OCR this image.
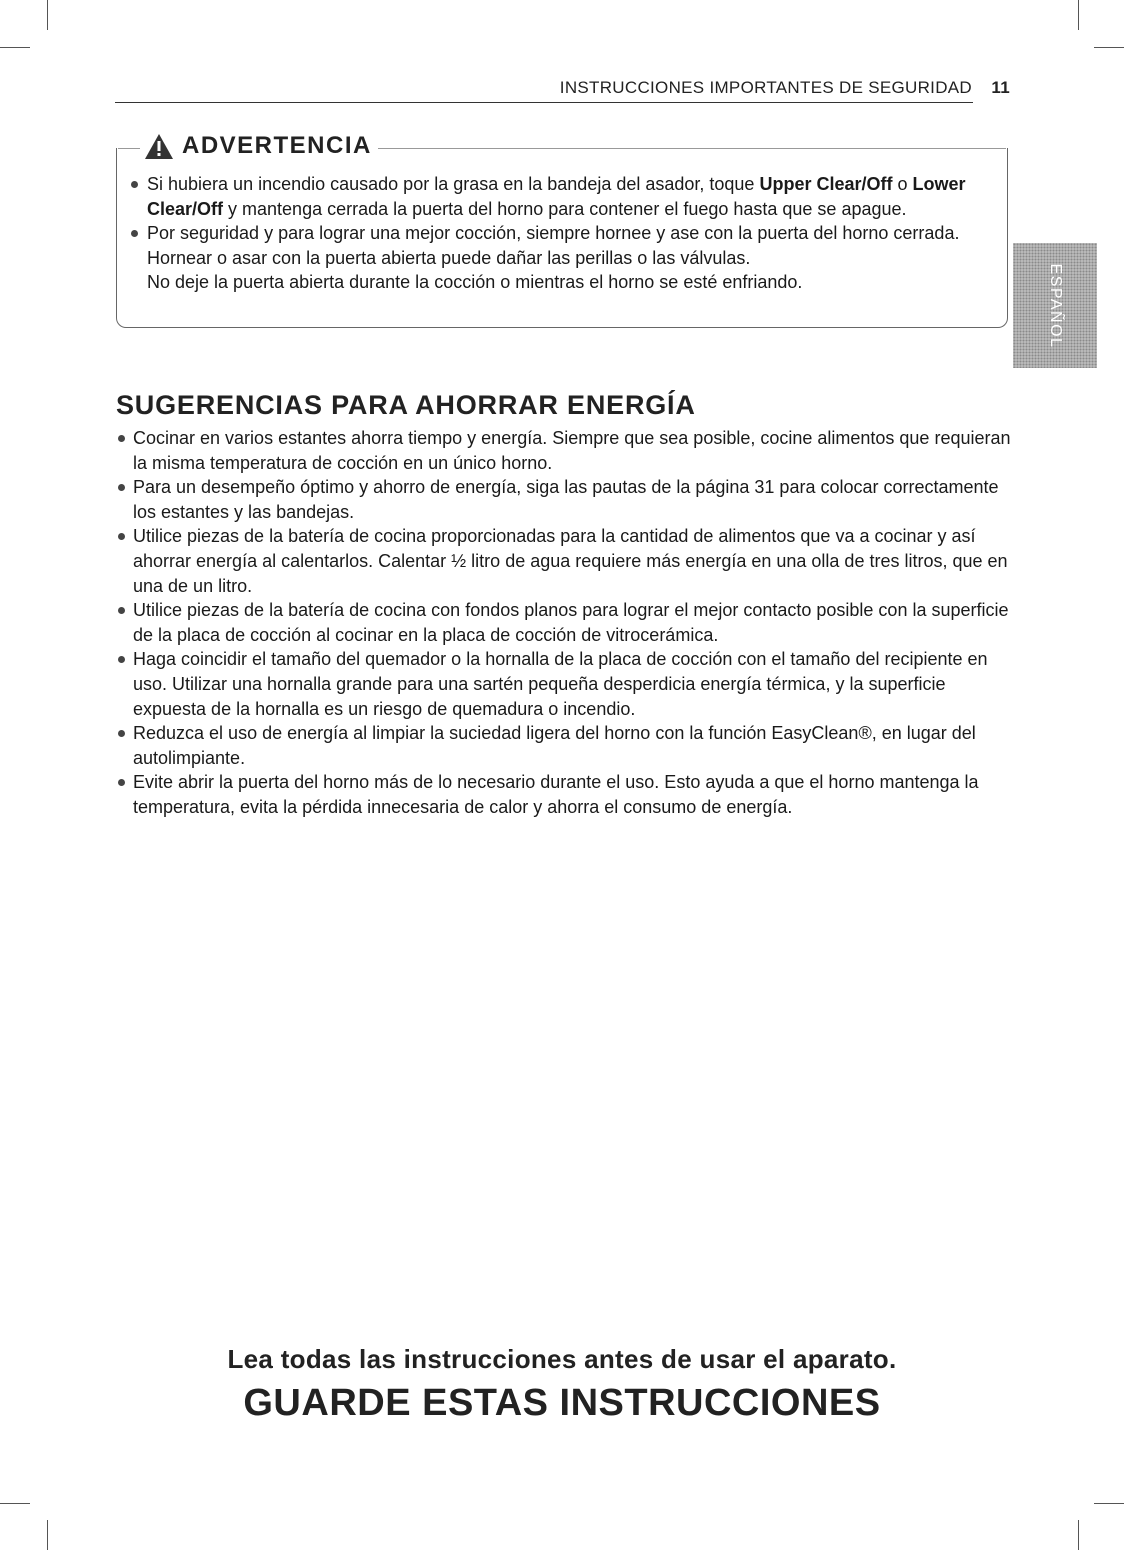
INSTRUCCIONES IMPORTANTES DE SEGURIDAD 11
ESPAÑOL
ADVERTENCIA
Si hubiera un incendio causado por la grasa en la bandeja del asador, toque Upper Clear/Off o Lower Clear/Off y mantenga cerrada la puerta del horno para contener el fuego hasta que se apague.
Por seguridad y para lograr una mejor cocción, siempre hornee y ase con la puerta del horno cerrada. Hornear o asar con la puerta abierta puede dañar las perillas o las válvulas.
No deje la puerta abierta durante la cocción o mientras el horno se esté enfriando.
SUGERENCIAS PARA AHORRAR ENERGÍA
Cocinar en varios estantes ahorra tiempo y energía. Siempre que sea posible, cocine alimentos que requieran la misma temperatura de cocción en un único horno.
Para un desempeño óptimo y ahorro de energía, siga las pautas de la página 31 para colocar correctamente los estantes y las bandejas.
Utilice piezas de la batería de cocina proporcionadas para la cantidad de alimentos que va a cocinar y así ahorrar energía al calentarlos. Calentar ½ litro de agua requiere más energía en una olla de tres litros, que en una de un litro.
Utilice piezas de la batería de cocina con fondos planos para lograr el mejor contacto posible con la superficie de la placa de cocción al cocinar en la placa de cocción de vitrocerámica.
Haga coincidir el tamaño del quemador o la hornalla de la placa de cocción con el tamaño del recipiente en uso. Utilizar una hornalla grande para una sartén pequeña desperdicia energía térmica, y la superficie expuesta de la hornalla es un riesgo de quemadura o incendio.
Reduzca el uso de energía al limpiar la suciedad ligera del horno con la función EasyClean®, en lugar del autolimpiante.
Evite abrir la puerta del horno más de lo necesario durante el uso. Esto ayuda a que el horno mantenga la temperatura, evita la pérdida innecesaria de calor y ahorra el consumo de energía.
Lea todas las instrucciones antes de usar el aparato.
GUARDE ESTAS INSTRUCCIONES
